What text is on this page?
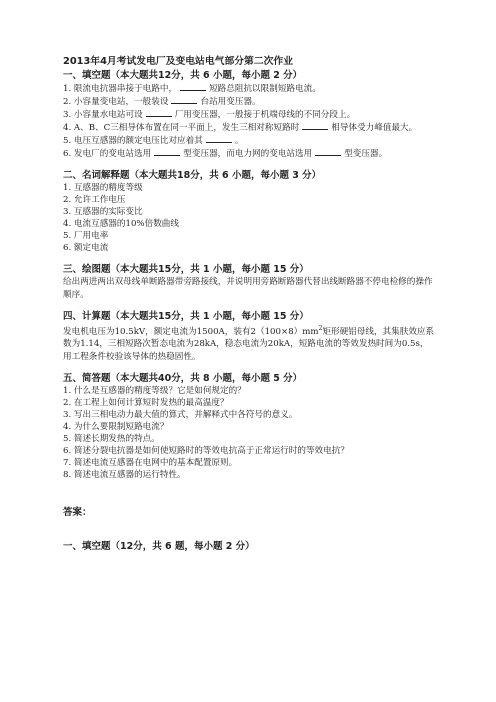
2013年4月考试发电厂及变电站电气部分第二次作业
一、填空题（本大题共12分，共 6 小题，每小题 2 分）
1. 限流电抗器串接于电路中，	短路总阻抗以限制短路电流。
2. 小容量变电站，一般装设	台站用变压器。
3. 小容量水电站可设	厂用变压器，一般接于机端母线的不同分段上。
4. A、B、C三相导体布置在同一平面上，发生三相对称短路时	相导体受力峰值最大。
5. 电压互感器的额定电压比对应着其	。
6. 发电厂的变电站选用	型变压器，而电力网的变电站选用	型变压器。
二、名词解释题（本大题共18分，共 6 小题，每小题 3 分）
1. 互感器的精度等级
2. 允许工作电压
3. 互感器的实际变比
4. 电流互感器的10%倍数曲线
5. 厂用电率
6. 额定电流
三、绘图题（本大题共15分，共 1 小题，每小题 15 分）
给出两进两出双母线单断路器带旁路接线，并说明用旁路断路器代替出线断路器不停电检修的操作顺序。
四、计算题（本大题共15分，共 1 小题，每小题 15 分）
发电机电压为10.5kV，额定电流为1500A，装有$2(100\times 8)mm^2$矩形硬铝母线，其集肤效应系数为1.14，三相短路次暂态电流为28kA，稳态电流为20kA，短路电流的等效发热时间为0.5s，用工程条件校验该导体的热稳固性。
五、简答题（本大题共40分，共 8 小题，每小题 5 分）
1. 什么是互感器的精度等级？它是如何规定的？
2. 在工程上如何计算短时发热的最高温度？
3. 写出三相电动力最大值的算式，并解释式中各符号的意义。
4. 为什么要限制短路电流？
5. 简述长期发热的特点。
6. 简述分裂电抗器是如何使短路时的等效电抗高于正常运行时的等效电抗？
7. 简述电流互感器在电网中的基本配置原则。
8. 简述电流互感器的运行特性。
答案：
一、填空题（12分，共 6 题，每小题 2 分）
